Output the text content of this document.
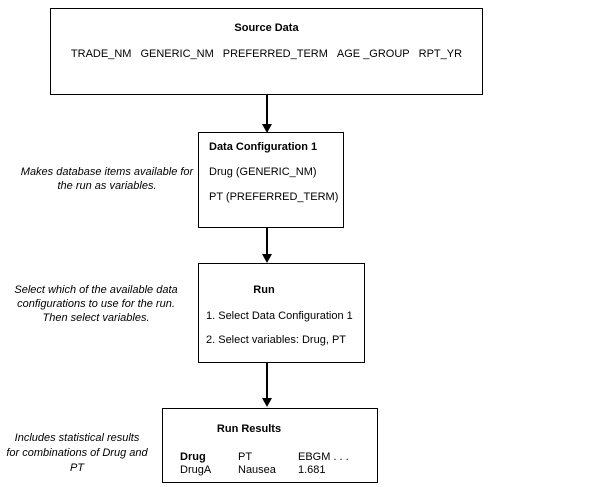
Source Data
TRADE_NM GENERIC_NM PREFERRED_TERM AGE _GROUP RPT_YR
Data Configuration 1
Drug (GENERIC_NM)
PT (PREFERRED_TERM)
Run
1. Select Data Configuration 1
2. Select variables: Drug, PT
Run Results
Drug	PT	EBGM . . .
DrugA	Nausea	1.681
Makes database items available for
the run as variables.
Select which of the available data
configurations to use for the run.
Then select variables.
Includes statistical results
for combinations of Drug and PT
